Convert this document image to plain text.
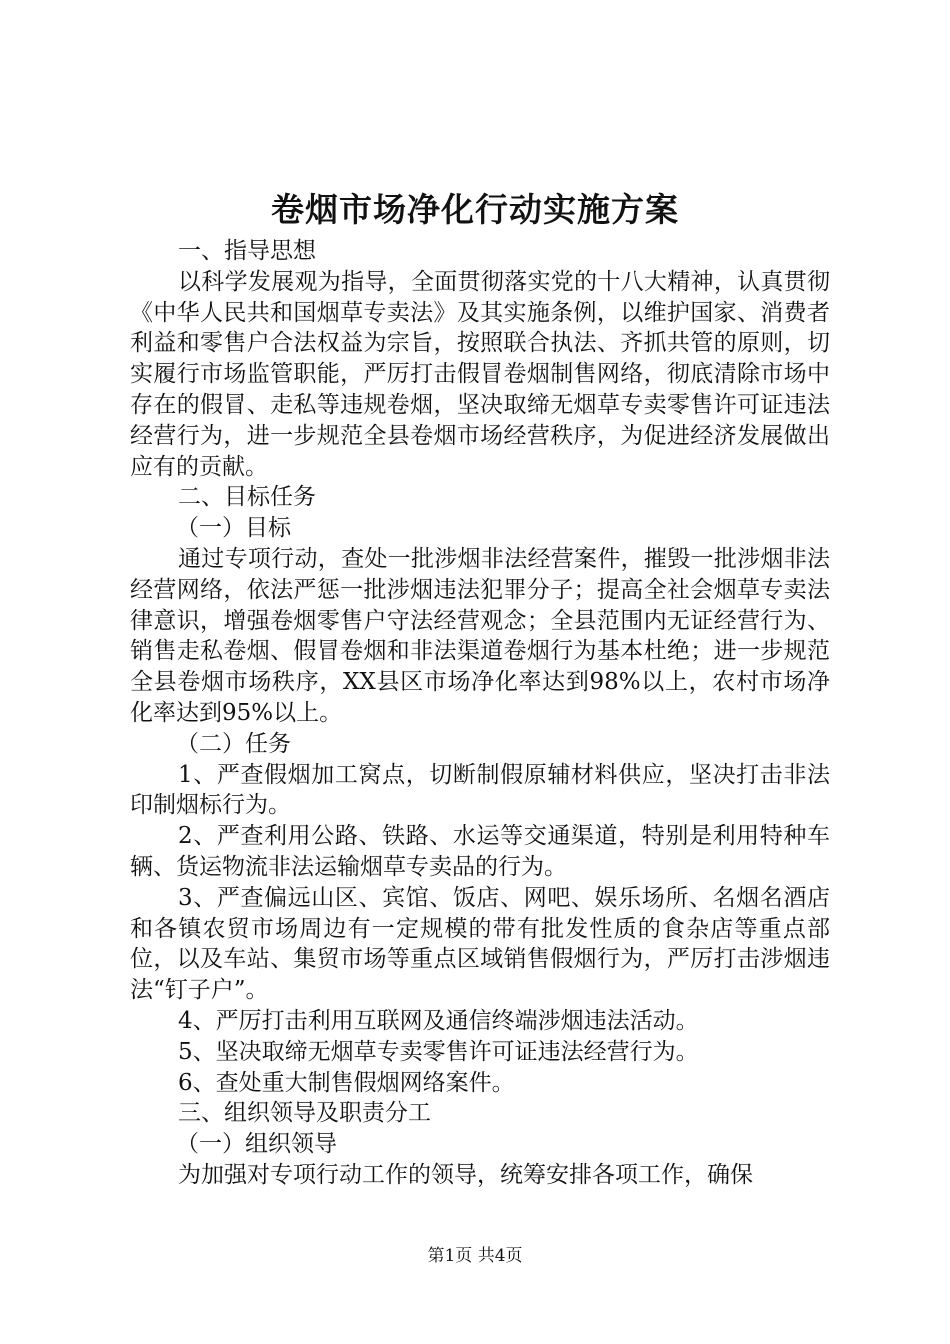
卷烟市场净化行动实施方案

一、指导思想

以科学发展观为指导，全面贯彻落实党的十八大精神，认真贯彻《中华人民共和国烟草专卖法》及其实施条例，以维护国家、消费者利益和零售户合法权益为宗旨，按照联合执法、齐抓共管的原则，切实履行市场监管职能，严厉打击假冒卷烟制售网络，彻底清除市场中存在的假冒、走私等违规卷烟，坚决取缔无烟草专卖零售许可证违法经营行为，进一步规范全县卷烟市场经营秩序，为促进经济发展做出应有的贡献。

二、目标任务

（一）目标

通过专项行动，查处一批涉烟非法经营案件，摧毁一批涉烟非法经营网络，依法严惩一批涉烟违法犯罪分子；提高全社会烟草专卖法律意识，增强卷烟零售户守法经营观念；全县范围内无证经营行为、销售走私卷烟、假冒卷烟和非法渠道卷烟行为基本杜绝；进一步规范全县卷烟市场秩序，XX县区市场净化率达到98%以上，农村市场净化率达到95%以上。

（二）任务

1、严查假烟加工窝点，切断制假原辅材料供应，坚决打击非法印制烟标行为。

2、严查利用公路、铁路、水运等交通渠道，特别是利用特种车辆、货运物流非法运输烟草专卖品的行为。

3、严查偏远山区、宾馆、饭店、网吧、娱乐场所、名烟名酒店和各镇农贸市场周边有一定规模的带有批发性质的食杂店等重点部位，以及车站、集贸市场等重点区域销售假烟行为，严厉打击涉烟违法“钉子户”。

4、严厉打击利用互联网及通信终端涉烟违法活动。

5、坚决取缔无烟草专卖零售许可证违法经营行为。

6、查处重大制售假烟网络案件。

三、组织领导及职责分工

（一）组织领导

为加强对专项行动工作的领导，统筹安排各项工作，确保

第1页 共4页
